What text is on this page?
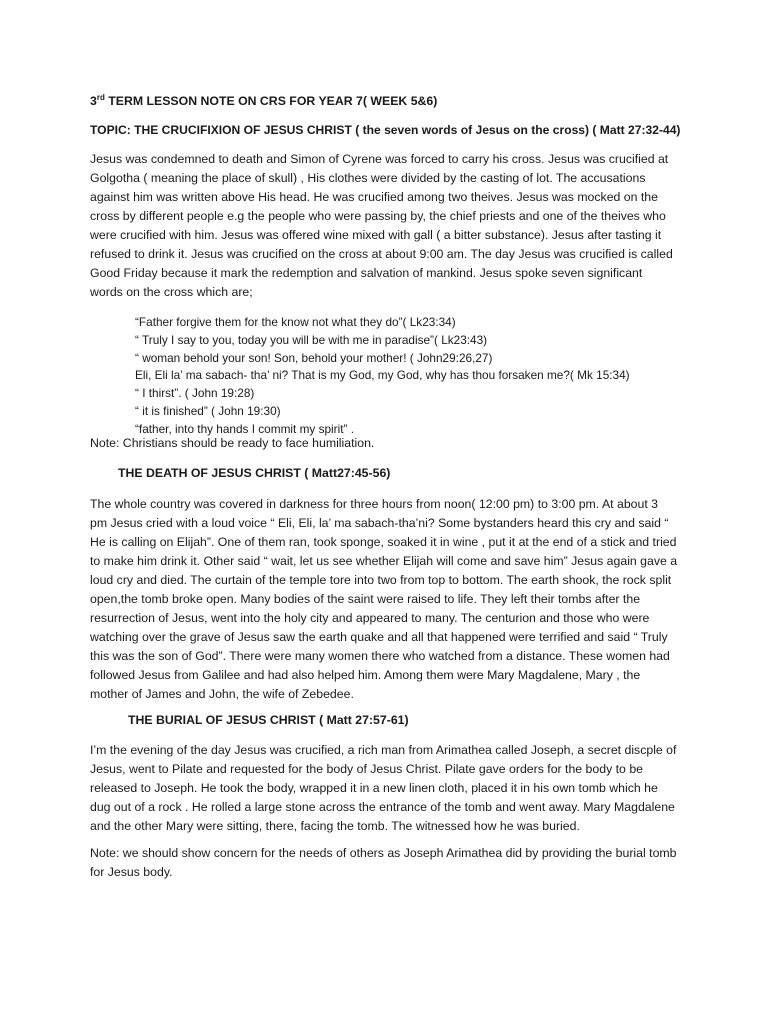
3rd TERM LESSON NOTE ON CRS FOR YEAR 7( WEEK 5&6)
TOPIC: THE CRUCIFIXION OF JESUS CHRIST ( the seven words of Jesus on the cross) ( Matt 27:32-44)

Jesus was condemned to death and Simon of Cyrene was forced to carry his cross. Jesus was crucified at Golgotha ( meaning the place of skull) , His clothes were divided by the casting of lot. The accusations against him was written above His head. He was crucified among two theives. Jesus was mocked on the cross by different people e.g the people who were passing by, the chief priests and one of the theives who were crucified with him. Jesus was offered wine mixed with gall ( a bitter substance). Jesus after tasting it refused to drink it. Jesus was crucified on the cross at about 9:00 am. The day Jesus was crucified is called Good Friday because it mark the redemption and salvation of mankind. Jesus spoke seven significant words on the cross which are;

“Father forgive them for the know not what they do”( Lk23:34)
“ Truly I say to you, today you will be with me in paradise”( Lk23:43)
“ woman behold your son! Son, behold your mother! ( John29:26,27)
Eli, Eli la’ ma sabach- tha’ ni? That is my God, my God, why has thou forsaken me?( Mk 15:34)
“ I thirst”. ( John 19:28)
“ it is finished” ( John 19:30)
“father, into thy hands I commit my spirit” .
Note: Christians should be ready to face humiliation.
THE DEATH OF JESUS CHRIST ( Matt27:45-56)

The whole country was covered in darkness for three hours from noon( 12:00 pm) to 3:00 pm. At about 3 pm Jesus cried with a loud voice “ Eli, Eli, la’ ma sabach-tha’ni? Some bystanders heard this cry and said “ He is calling on Elijah”. One of them ran, took sponge, soaked it in wine , put it at the end of a stick and tried to make him drink it. Other said “ wait, let us see whether Elijah will come and save him” Jesus again gave a loud cry and died. The curtain of the temple tore into two from top to bottom. The earth shook, the rock split open,the tomb broke open. Many bodies of the saint were raised to life. They left their tombs after the resurrection of Jesus, went into the holy city and appeared to many. The centurion and those who were watching over the grave of Jesus saw the earth quake and all that happened were terrified and said “ Truly this was the son of God”. There were many women there who watched from a distance. These women had followed Jesus from Galilee and had also helped him. Among them were Mary Magdalene, Mary , the mother of James and John, the wife of Zebedee.

THE BURIAL OF JESUS CHRIST ( Matt 27:57-61)

I’m the evening of the day Jesus was crucified, a rich man from Arimathea called Joseph, a secret discple of Jesus, went to Pilate and requested for the body of Jesus Christ. Pilate gave orders for the body to be released to Joseph. He took the body, wrapped it in a new linen cloth, placed it in his own tomb which he dug out of a rock . He rolled a large stone across the entrance of the tomb and went away. Mary Magdalene and the other Mary were sitting, there, facing the tomb. The witnessed how he was buried.

Note: we should show concern for the needs of others as Joseph Arimathea did by providing the burial tomb for Jesus body.
